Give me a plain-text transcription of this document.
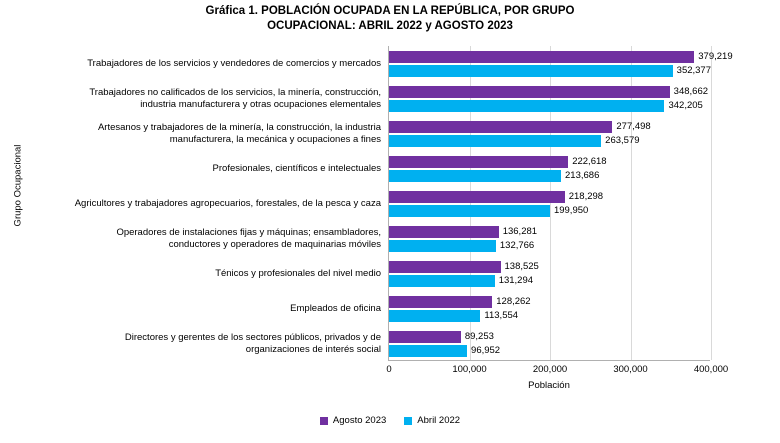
Gráfica 1. POBLACIÓN OCUPADA EN LA REPÚBLICA, POR GRUPO
OCUPACIONAL: ABRIL 2022 y AGOSTO 2023
Grupo Ocupacional
0	100,000	200,000	300,000	400,000
379,219
352,377
Trabajadores de los servicios y vendedores de comercios y mercados
348,662
342,205
Trabajadores no calificados de los servicios, la minería, construcción,
industria manufacturera y otras ocupaciones elementales
277,498
263,579
Artesanos y trabajadores de la minería, la construcción, la industria
manufacturera, la mecánica y ocupaciones a fines
222,618
213,686
Profesionales, científicos e intelectuales
218,298
199,950
Agricultores y trabajadores agropecuarios, forestales, de la pesca y caza
136,281
132,766
Operadores de instalaciones fijas y máquinas; ensambladores,
conductores y operadores de maquinarias móviles
138,525
131,294
Ténicos y profesionales del nivel medio
128,262
113,554
Empleados de oficina
89,253
96,952
Directores y gerentes de los sectores públicos, privados y de
organizaciones de interés social
Población
Agosto 2023	Abril 2022
